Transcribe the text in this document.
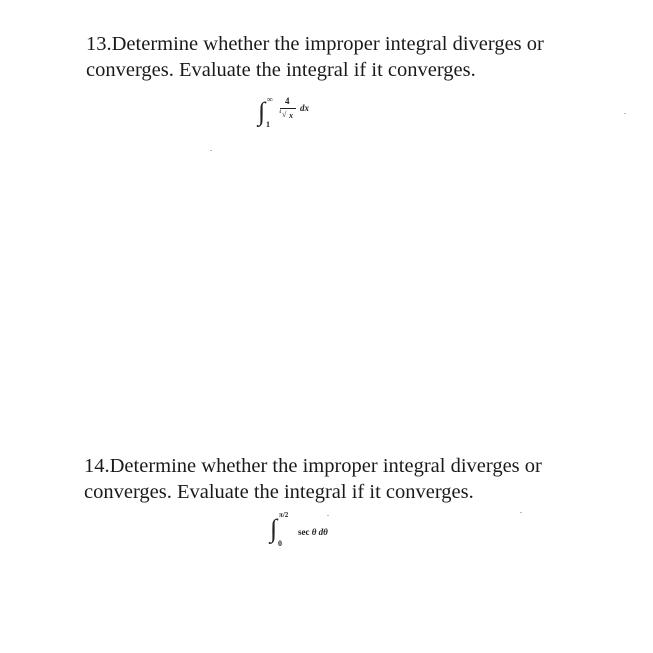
13.Determine whether the improper integral diverges or
converges. Evaluate the integral if it converges.

∫ ∞
1
4
4 √ x
dx

14.Determine whether the improper integral diverges or
converges. Evaluate the integral if it converges.

∫ π/2
0
sec θ dθ
